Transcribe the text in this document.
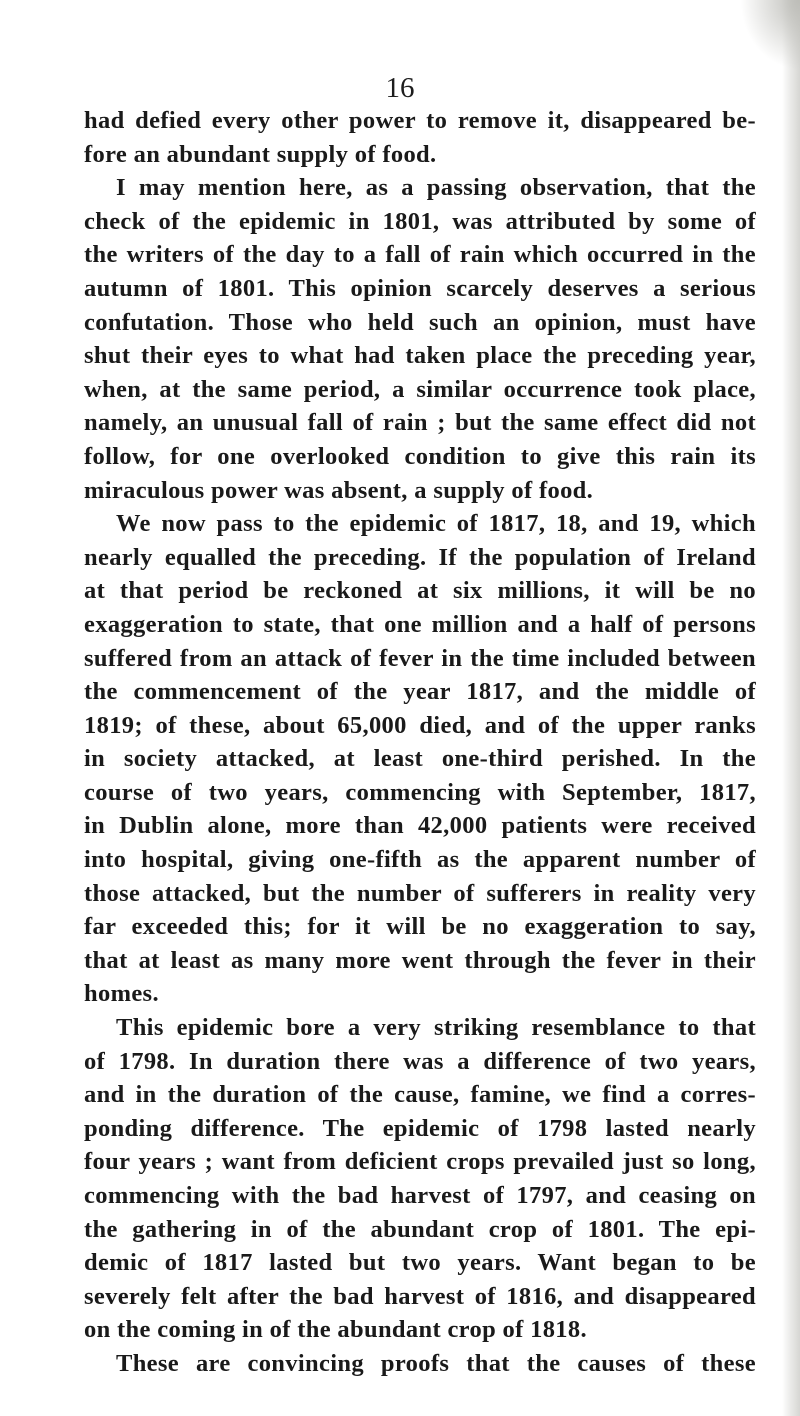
16
had defied every other power to remove it, disappeared be-
fore an abundant supply of food.
I may mention here, as a passing observation, that the
check of the epidemic in 1801, was attributed by some of
the writers of the day to a fall of rain which occurred in the
autumn of 1801. This opinion scarcely deserves a serious
confutation. Those who held such an opinion, must have
shut their eyes to what had taken place the preceding year,
when, at the same period, a similar occurrence took place,
namely, an unusual fall of rain ; but the same effect did not
follow, for one overlooked condition to give this rain its
miraculous power was absent, a supply of food.
We now pass to the epidemic of 1817, 18, and 19, which
nearly equalled the preceding. If the population of Ireland
at that period be reckoned at six millions, it will be no
exaggeration to state, that one million and a half of persons
suffered from an attack of fever in the time included between
the commencement of the year 1817, and the middle of
1819; of these, about 65,000 died, and of the upper ranks
in society attacked, at least one-third perished. In the
course of two years, commencing with September, 1817,
in Dublin alone, more than 42,000 patients were received
into hospital, giving one-fifth as the apparent number of
those attacked, but the number of sufferers in reality very
far exceeded this; for it will be no exaggeration to say,
that at least as many more went through the fever in their
homes.
This epidemic bore a very striking resemblance to that
of 1798. In duration there was a difference of two years,
and in the duration of the cause, famine, we find a corres-
ponding difference. The epidemic of 1798 lasted nearly
four years ; want from deficient crops prevailed just so long,
commencing with the bad harvest of 1797, and ceasing on
the gathering in of the abundant crop of 1801. The epi-
demic of 1817 lasted but two years. Want began to be
severely felt after the bad harvest of 1816, and disappeared
on the coming in of the abundant crop of 1818.
These are convincing proofs that the causes of these
